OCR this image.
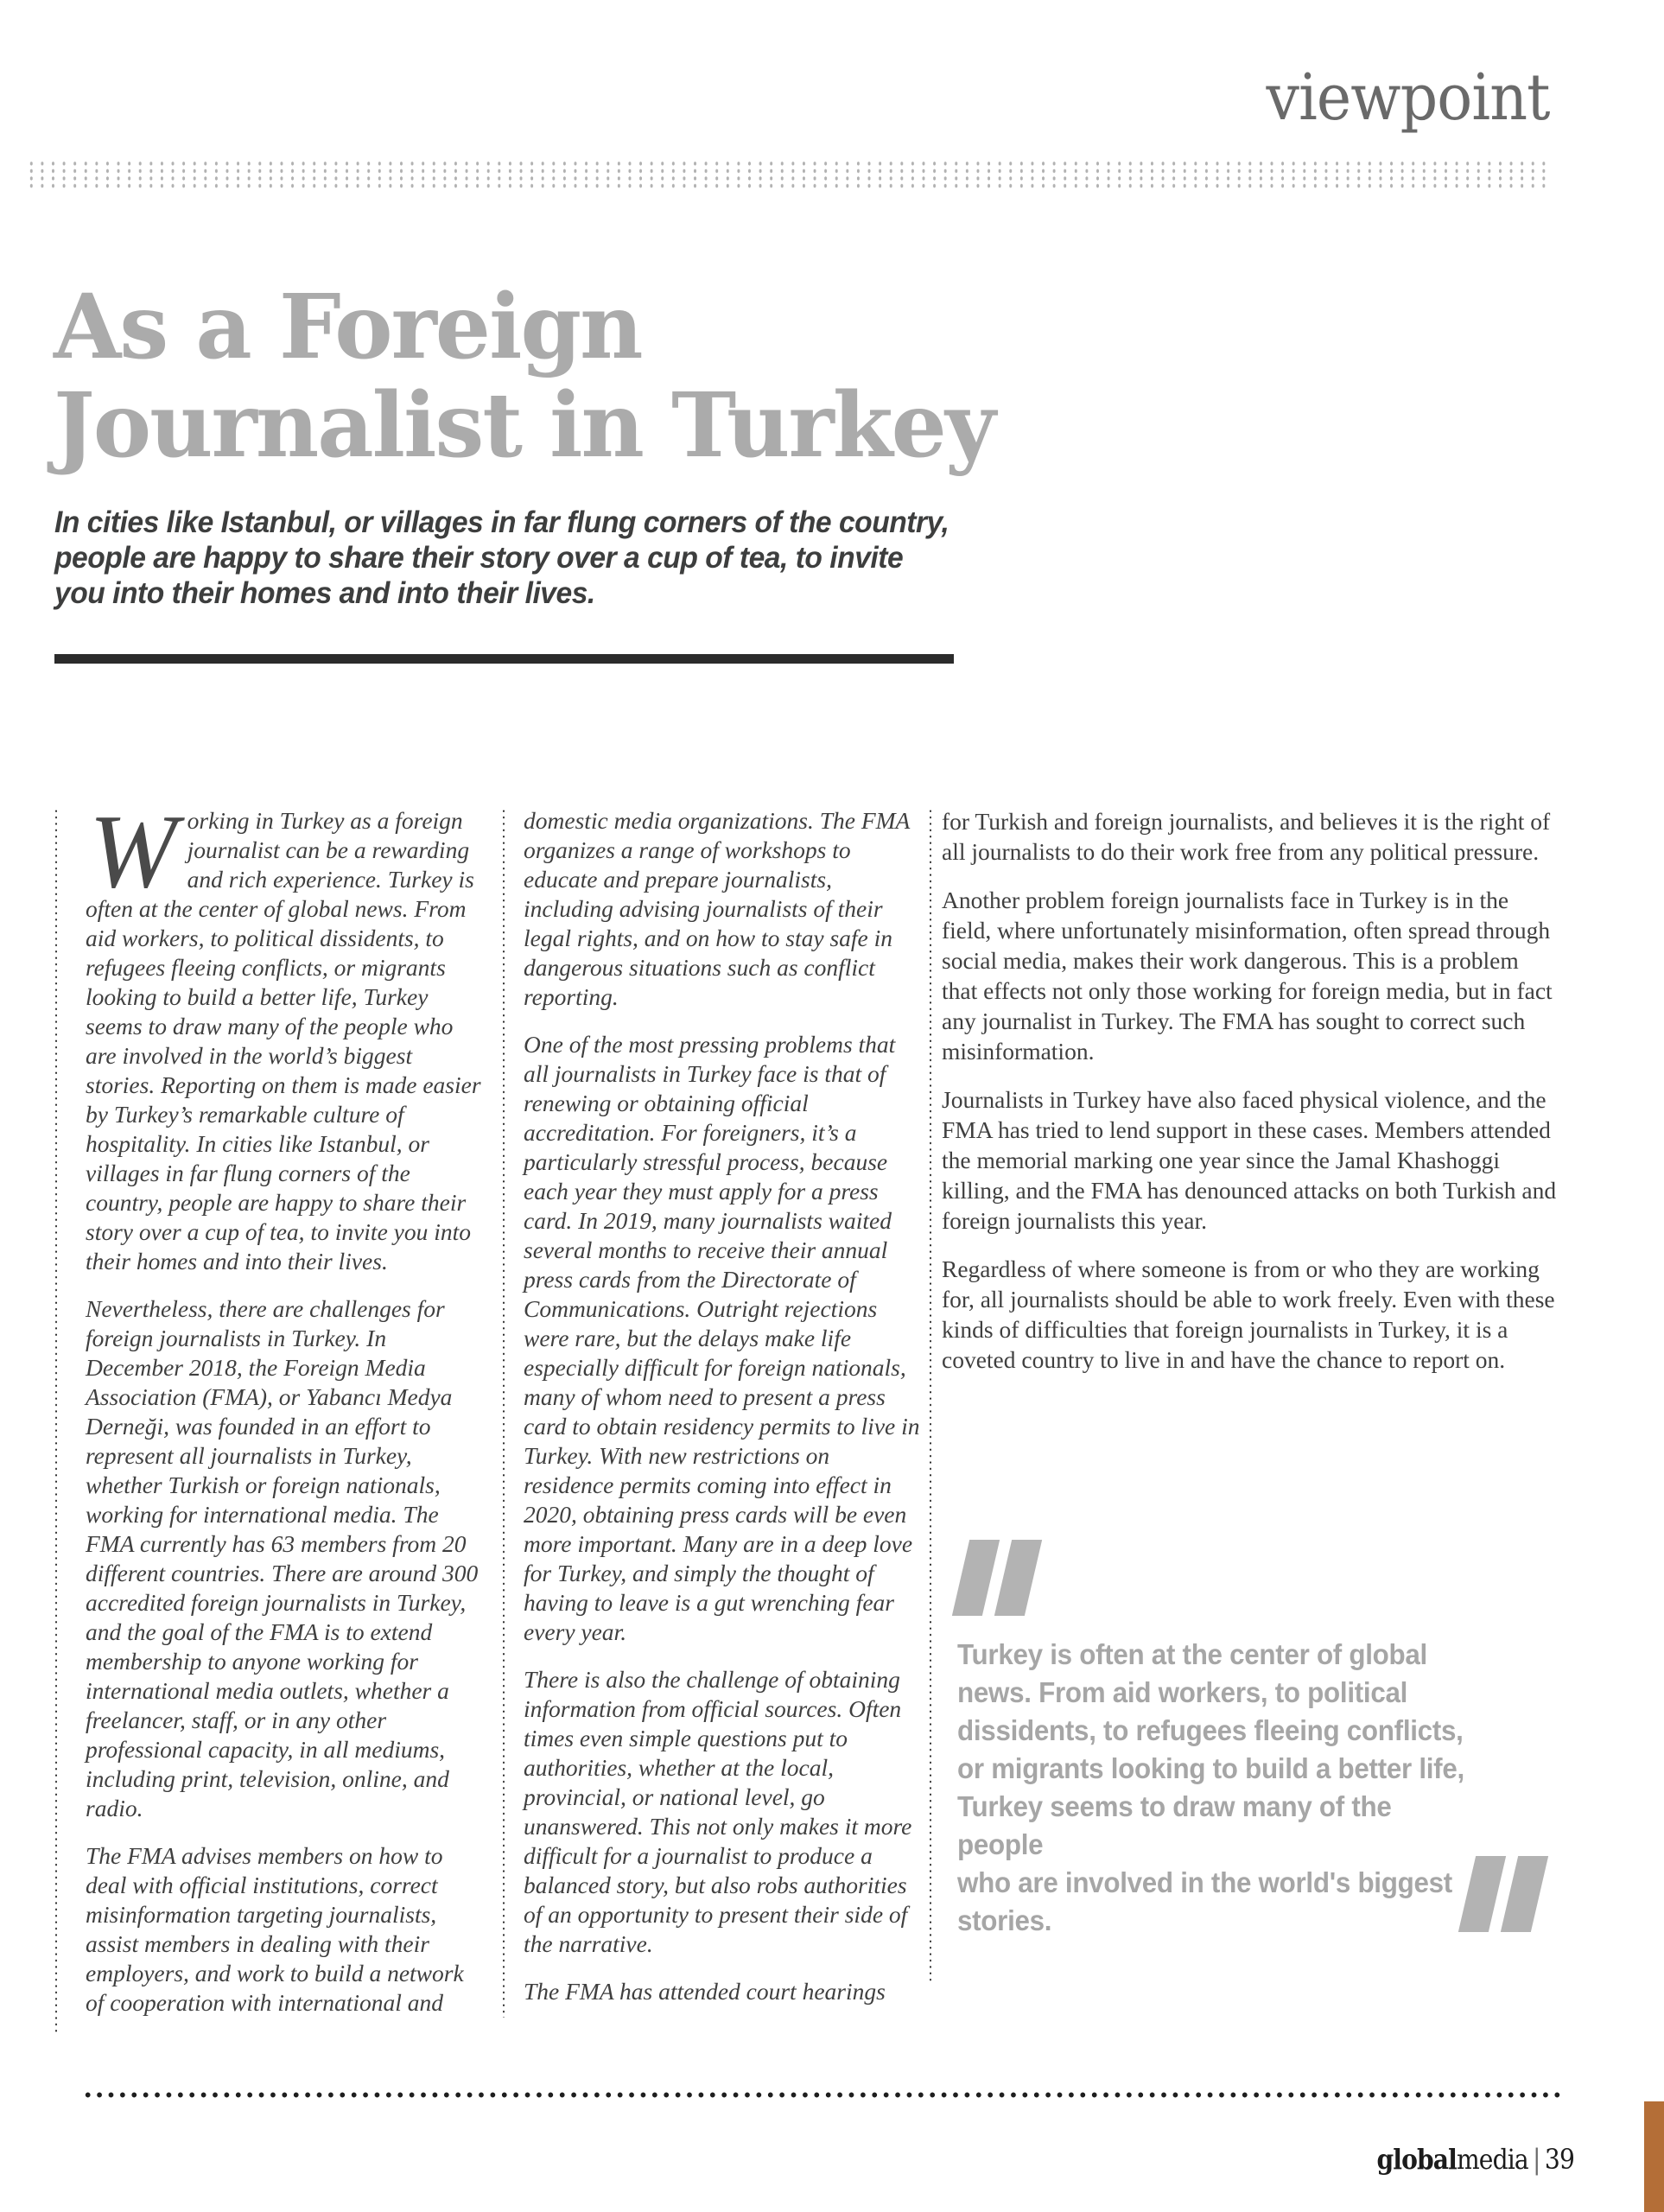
viewpoint
As a Foreign
Journalist in Turkey
In cities like Istanbul, or villages in far flung corners of the country,
people are happy to share their story over a cup of tea, to invite
you into their homes and into their lives.

Working in Turkey as a foreign journalist can be a rewarding and rich experience. Turkey is often at the center of global news. From aid workers, to political dissidents, to refugees fleeing conflicts, or migrants looking to build a better life, Turkey seems to draw many of the people who are involved in the world’s biggest stories. Reporting on them is made easier by Turkey’s remarkable culture of hospitality. In cities like Istanbul, or villages in far flung corners of the country, people are happy to share their story over a cup of tea, to invite you into their homes and into their lives.

Nevertheless, there are challenges for foreign journalists in Turkey. In December 2018, the Foreign Media Association (FMA), or Yabancı Medya Derneği, was founded in an effort to represent all journalists in Turkey, whether Turkish or foreign nationals, working for international media. The FMA currently has 63 members from 20 different countries. There are around 300 accredited foreign journalists in Turkey, and the goal of the FMA is to extend membership to anyone working for international media outlets, whether a freelancer, staff, or in any other professional capacity, in all mediums, including print, television, online, and radio.

The FMA advises members on how to deal with official institutions, correct misinformation targeting journalists, assist members in dealing with their employers, and work to build a network of cooperation with international and

domestic media organizations. The FMA organizes a range of workshops to educate and prepare journalists, including advising journalists of their legal rights, and on how to stay safe in dangerous situations such as conflict reporting.

One of the most pressing problems that all journalists in Turkey face is that of renewing or obtaining official accreditation. For foreigners, it’s a particularly stressful process, because each year they must apply for a press card. In 2019, many journalists waited several months to receive their annual press cards from the Directorate of Communications. Outright rejections were rare, but the delays make life especially difficult for foreign nationals, many of whom need to present a press card to obtain residency permits to live in Turkey. With new restrictions on residence permits coming into effect in 2020, obtaining press cards will be even more important. Many are in a deep love for Turkey, and simply the thought of having to leave is a gut wrenching fear every year.

There is also the challenge of obtaining information from official sources. Often times even simple questions put to authorities, whether at the local, provincial, or national level, go unanswered. This not only makes it more difficult for a journalist to produce a balanced story, but also robs authorities of an opportunity to present their side of the narrative.

The FMA has attended court hearings

for Turkish and foreign journalists, and believes it is the right of all journalists to do their work free from any political pressure.

Another problem foreign journalists face in Turkey is in the field, where unfortunately misinformation, often spread through social media, makes their work dangerous. This is a problem that effects not only those working for foreign media, but in fact any journalist in Turkey. The FMA has sought to correct such misinformation.

Journalists in Turkey have also faced physical violence, and the FMA has tried to lend support in these cases. Members attended the memorial marking one year since the Jamal Khashoggi killing, and the FMA has denounced attacks on both Turkish and foreign journalists this year.

Regardless of where someone is from or who they are working for, all journalists should be able to work freely. Even with these kinds of difficulties that foreign journalists in Turkey, it is a coveted country to live in and have the chance to report on.

Turkey is often at the center of global
news. From aid workers, to political
dissidents, to refugees fleeing conflicts,
or migrants looking to build a better life,
Turkey seems to draw many of the people
who are involved in the world's biggest
stories.
globalmedia | 39
